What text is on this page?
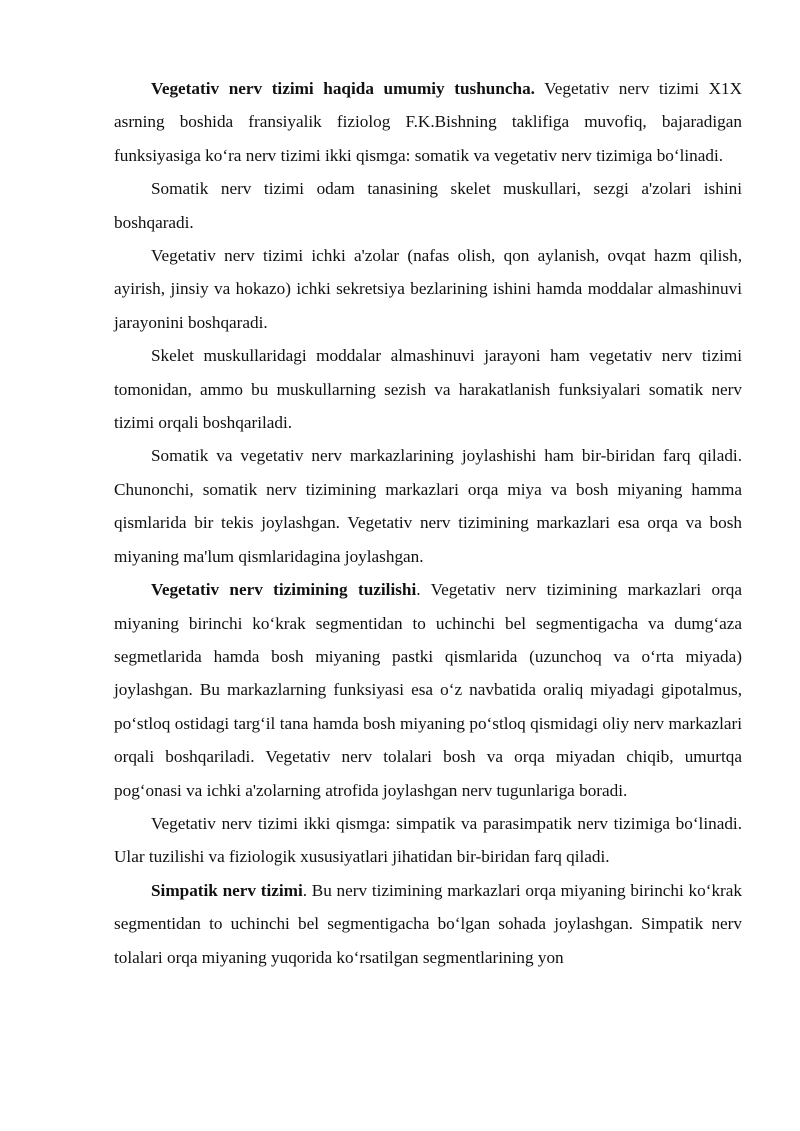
Vegetativ nerv tizimi haqida umumiy tushuncha. Vegetativ nerv tizimi X1X asrning boshida fransiyalik fiziolog F.K.Bishning taklifiga muvofiq, bajaradigan funksiyasiga ko‘ra nerv tizimi ikki qismga: somatik va vegetativ nerv tizimiga bo‘linadi.

Somatik nerv tizimi odam tanasining skelet muskullari, sezgi a'zolari ishini boshqaradi.

Vegetativ nerv tizimi ichki a'zolar (nafas olish, qon aylanish, ovqat hazm qilish, ayirish, jinsiy va hokazo) ichki sekretsiya bezlarining ishini hamda moddalar almashinuvi jarayonini boshqaradi.

Skelet muskullaridagi moddalar almashinuvi jarayoni ham vegetativ nerv tizimi tomonidan, ammo bu muskullarning sezish va harakatlanish funksiyalari somatik nerv tizimi orqali boshqariladi.

Somatik va vegetativ nerv markazlarining joylashishi ham bir-biridan farq qiladi. Chunonchi, somatik nerv tizimining markazlari orqa miya va bosh miyaning hamma qismlarida bir tekis joylashgan. Vegetativ nerv tizimining markazlari esa orqa va bosh miyaning ma'lum qismlaridagina joylashgan.

Vegetativ nerv tizimining tuzilishi. Vegetativ nerv tizimining markazlari orqa miyaning birinchi ko‘krak segmentidan to uchinchi bel segmentigacha va dumg‘aza segmetlarida hamda bosh miyaning pastki qismlarida (uzunchoq va o‘rta miyada) joylashgan. Bu markazlarning funksiyasi esa o‘z navbatida oraliq miyadagi gipotalmus, po‘stloq ostidagi targ‘il tana hamda bosh miyaning po‘stloq qismidagi oliy nerv markazlari orqali boshqariladi. Vegetativ nerv tolalari bosh va orqa miyadan chiqib, umurtqa pog‘onasi va ichki a'zolarning atrofida joylashgan nerv tugunlariga boradi.

Vegetativ nerv tizimi ikki qismga: simpatik va parasimpatik nerv tizimiga bo‘linadi. Ular tuzilishi va fiziologik xususiyatlari jihatidan bir-biridan farq qiladi.

Simpatik nerv tizimi. Bu nerv tizimining markazlari orqa miyaning birinchi ko‘krak segmentidan to uchinchi bel segmentigacha bo‘lgan sohada joylashgan. Simpatik nerv tolalari orqa miyaning yuqorida ko‘rsatilgan segmentlarining yon
